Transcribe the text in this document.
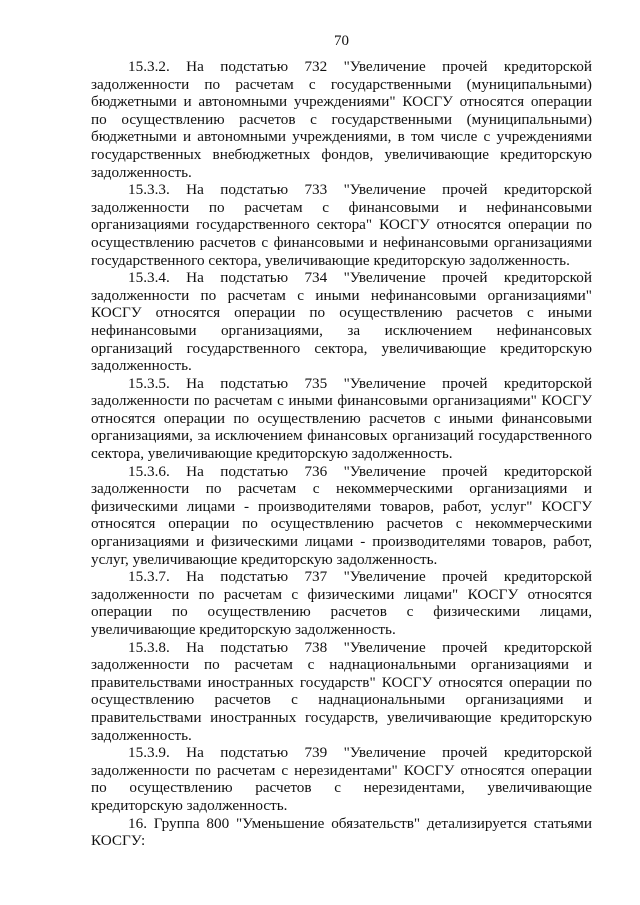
70

15.3.2. На подстатью 732 "Увеличение прочей кредиторской задолженности по расчетам с государственными (муниципальными) бюджетными и автономными учреждениями" КОСГУ относятся операции по осуществлению расчетов с государственными (муниципальными) бюджетными и автономными учреждениями, в том числе с учреждениями государственных внебюджетных фондов, увеличивающие кредиторскую задолженность.

15.3.3. На подстатью 733 "Увеличение прочей кредиторской задолженности по расчетам с финансовыми и нефинансовыми организациями государственного сектора" КОСГУ относятся операции по осуществлению расчетов с финансовыми и нефинансовыми организациями государственного сектора, увеличивающие кредиторскую задолженность.

15.3.4. На подстатью 734 "Увеличение прочей кредиторской задолженности по расчетам с иными нефинансовыми организациями" КОСГУ относятся операции по осуществлению расчетов с иными нефинансовыми организациями, за исключением нефинансовых организаций государственного сектора, увеличивающие кредиторскую задолженность.

15.3.5. На подстатью 735 "Увеличение прочей кредиторской задолженности по расчетам с иными финансовыми организациями" КОСГУ относятся операции по осуществлению расчетов с иными финансовыми организациями, за исключением финансовых организаций государственного сектора, увеличивающие кредиторскую задолженность.

15.3.6. На подстатью 736 "Увеличение прочей кредиторской задолженности по расчетам с некоммерческими организациями и физическими лицами - производителями товаров, работ, услуг" КОСГУ относятся операции по осуществлению расчетов с некоммерческими организациями и физическими лицами - производителями товаров, работ, услуг, увеличивающие кредиторскую задолженность.

15.3.7. На подстатью 737 "Увеличение прочей кредиторской задолженности по расчетам с физическими лицами" КОСГУ относятся операции по осуществлению расчетов с физическими лицами, увеличивающие кредиторскую задолженность.

15.3.8. На подстатью 738 "Увеличение прочей кредиторской задолженности по расчетам с наднациональными организациями и правительствами иностранных государств" КОСГУ относятся операции по осуществлению расчетов с наднациональными организациями и правительствами иностранных государств, увеличивающие кредиторскую задолженность.

15.3.9. На подстатью 739 "Увеличение прочей кредиторской задолженности по расчетам с нерезидентами" КОСГУ относятся операции по осуществлению расчетов с нерезидентами, увеличивающие кредиторскую задолженность.

16. Группа 800 "Уменьшение обязательств" детализируется статьями КОСГУ:
